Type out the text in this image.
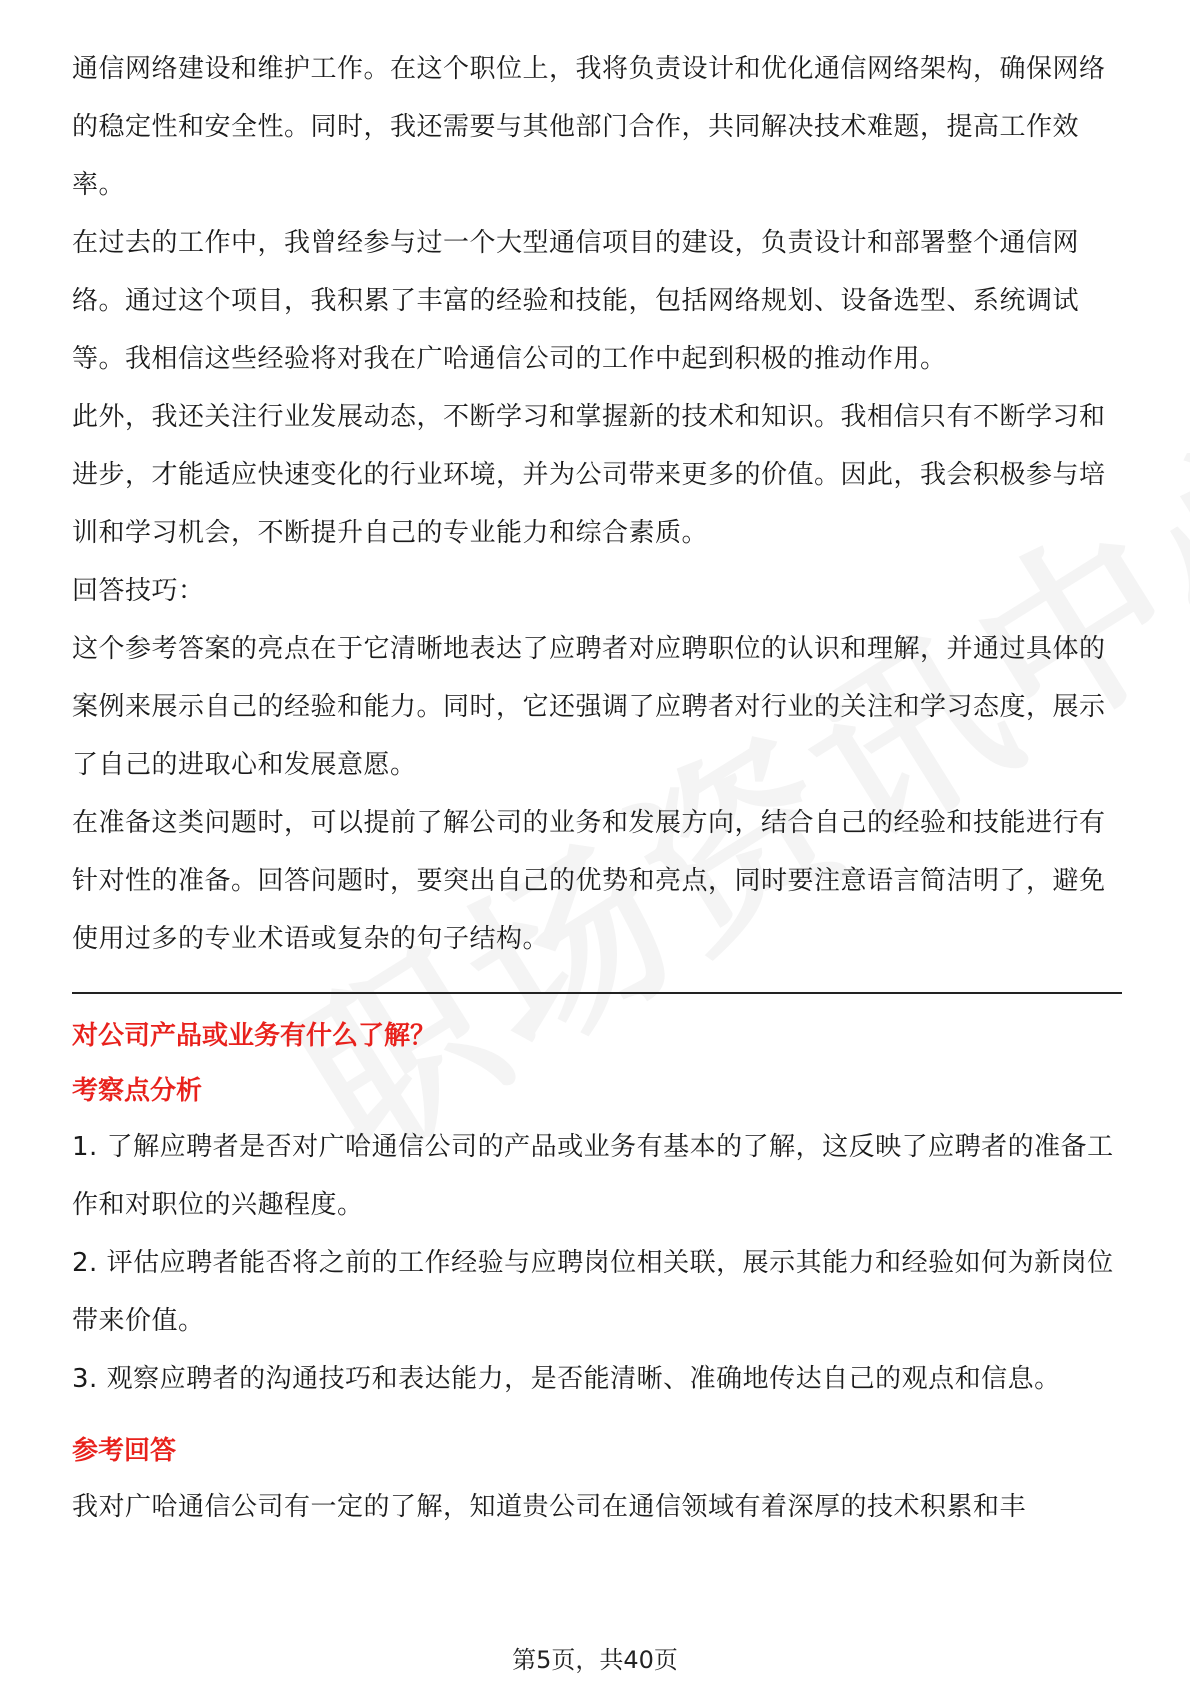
通信网络建设和维护工作。在这个职位上，我将负责设计和优化通信网络架构，确保网络的稳定性和安全性。同时，我还需要与其他部门合作，共同解决技术难题，提高工作效率。

在过去的工作中，我曾经参与过一个大型通信项目的建设，负责设计和部署整个通信网络。通过这个项目，我积累了丰富的经验和技能，包括网络规划、设备选型、系统调试等。我相信这些经验将对我在广哈通信公司的工作中起到积极的推动作用。

此外，我还关注行业发展动态，不断学习和掌握新的技术和知识。我相信只有不断学习和进步，才能适应快速变化的行业环境，并为公司带来更多的价值。因此，我会积极参与培训和学习机会，不断提升自己的专业能力和综合素质。

回答技巧：

这个参考答案的亮点在于它清晰地表达了应聘者对应聘职位的认识和理解，并通过具体的案例来展示自己的经验和能力。同时，它还强调了应聘者对行业的关注和学习态度，展示了自己的进取心和发展意愿。

在准备这类问题时，可以提前了解公司的业务和发展方向，结合自己的经验和技能进行有针对性的准备。回答问题时，要突出自己的优势和亮点，同时要注意语言简洁明了，避免使用过多的专业术语或复杂的句子结构。

对公司产品或业务有什么了解？

考察点分析

1. 了解应聘者是否对广哈通信公司的产品或业务有基本的了解，这反映了应聘者的准备工作和对职位的兴趣程度。

2. 评估应聘者能否将之前的工作经验与应聘岗位相关联，展示其能力和经验如何为新岗位带来价值。

3. 观察应聘者的沟通技巧和表达能力，是否能清晰、准确地传达自己的观点和信息。

参考回答

我对广哈通信公司有一定的了解，知道贵公司在通信领域有着深厚的技术积累和丰

第5页，共40页
